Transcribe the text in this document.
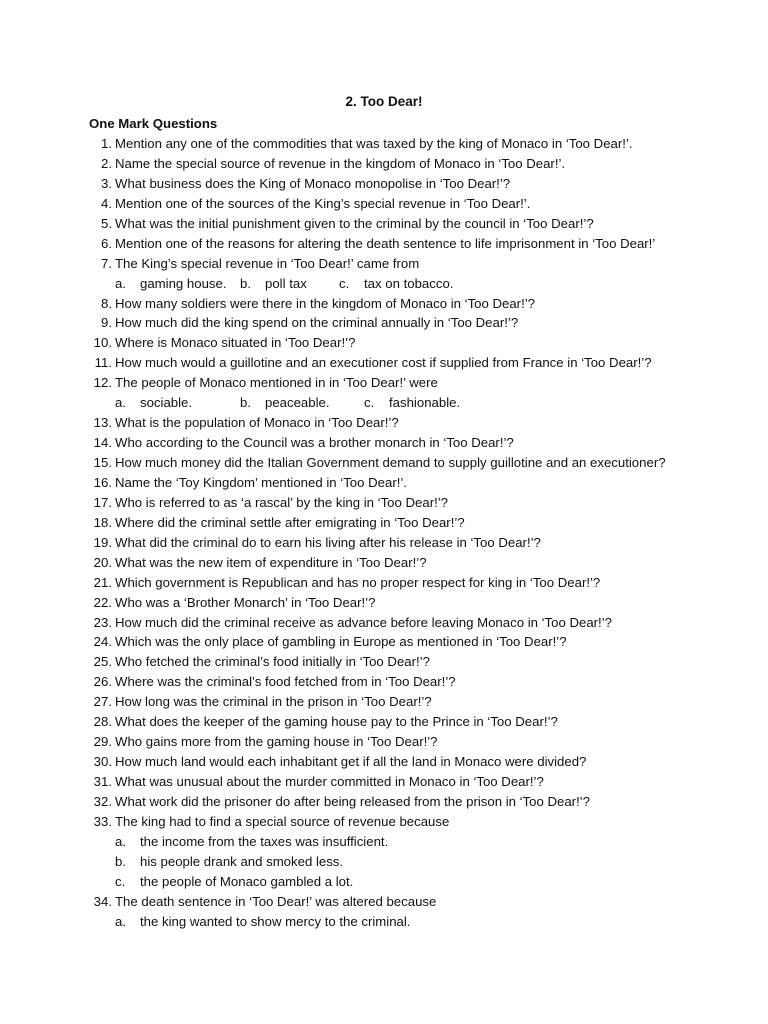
2. Too Dear!
One Mark Questions
1. Mention any one of the commodities that was taxed by the king of Monaco in ‘Too Dear!’.
2. Name the special source of revenue in the kingdom of Monaco in ‘Too Dear!’.
3. What business does the King of Monaco monopolise in ‘Too Dear!’?
4. Mention one of the sources of the King’s special revenue in ‘Too Dear!’.
5. What was the initial punishment given to the criminal by the council in ‘Too Dear!’?
6. Mention one of the reasons for altering the death sentence to life imprisonment in ‘Too Dear!’
7. The King’s special revenue in ‘Too Dear!’ came from
a. gaming house. b. poll tax c. tax on tobacco.
8. How many soldiers were there in the kingdom of Monaco in ‘Too Dear!’?
9. How much did the king spend on the criminal annually in ‘Too Dear!’?
10. Where is Monaco situated in ‘Too Dear!’?
11. How much would a guillotine and an executioner cost if supplied from France in ‘Too Dear!’?
12. The people of Monaco mentioned in in ‘Too Dear!’ were
a. sociable.	b. peaceable.	c. fashionable.
13. What is the population of Monaco in ‘Too Dear!’?
14. Who according to the Council was a brother monarch in ‘Too Dear!’?
15. How much money did the Italian Government demand to supply guillotine and an executioner?
16. Name the ‘Toy Kingdom’ mentioned in ‘Too Dear!’.
17. Who is referred to as ‘a rascal’ by the king in ‘Too Dear!’?
18. Where did the criminal settle after emigrating in ‘Too Dear!’?
19. What did the criminal do to earn his living after his release in ‘Too Dear!’?
20. What was the new item of expenditure in ‘Too Dear!’?
21. Which government is Republican and has no proper respect for king in ‘Too Dear!’?
22. Who was a ‘Brother Monarch’ in ‘Too Dear!’?
23. How much did the criminal receive as advance before leaving Monaco in ‘Too Dear!’?
24. Which was the only place of gambling in Europe as mentioned in ‘Too Dear!’?
25. Who fetched the criminal’s food initially in ‘Too Dear!’?
26. Where was the criminal’s food fetched from in ‘Too Dear!’?
27. How long was the criminal in the prison in ‘Too Dear!’?
28. What does the keeper of the gaming house pay to the Prince in ‘Too Dear!’?
29. Who gains more from the gaming house in ‘Too Dear!’?
30. How much land would each inhabitant get if all the land in Monaco were divided?
31. What was unusual about the murder committed in Monaco in ‘Too Dear!’?
32. What work did the prisoner do after being released from the prison in ‘Too Dear!’?
33. The king had to find a special source of revenue because
a. the income from the taxes was insufficient.
b. his people drank and smoked less.
c. the people of Monaco gambled a lot.
34. The death sentence in ‘Too Dear!’ was altered because
a. the king wanted to show mercy to the criminal.
